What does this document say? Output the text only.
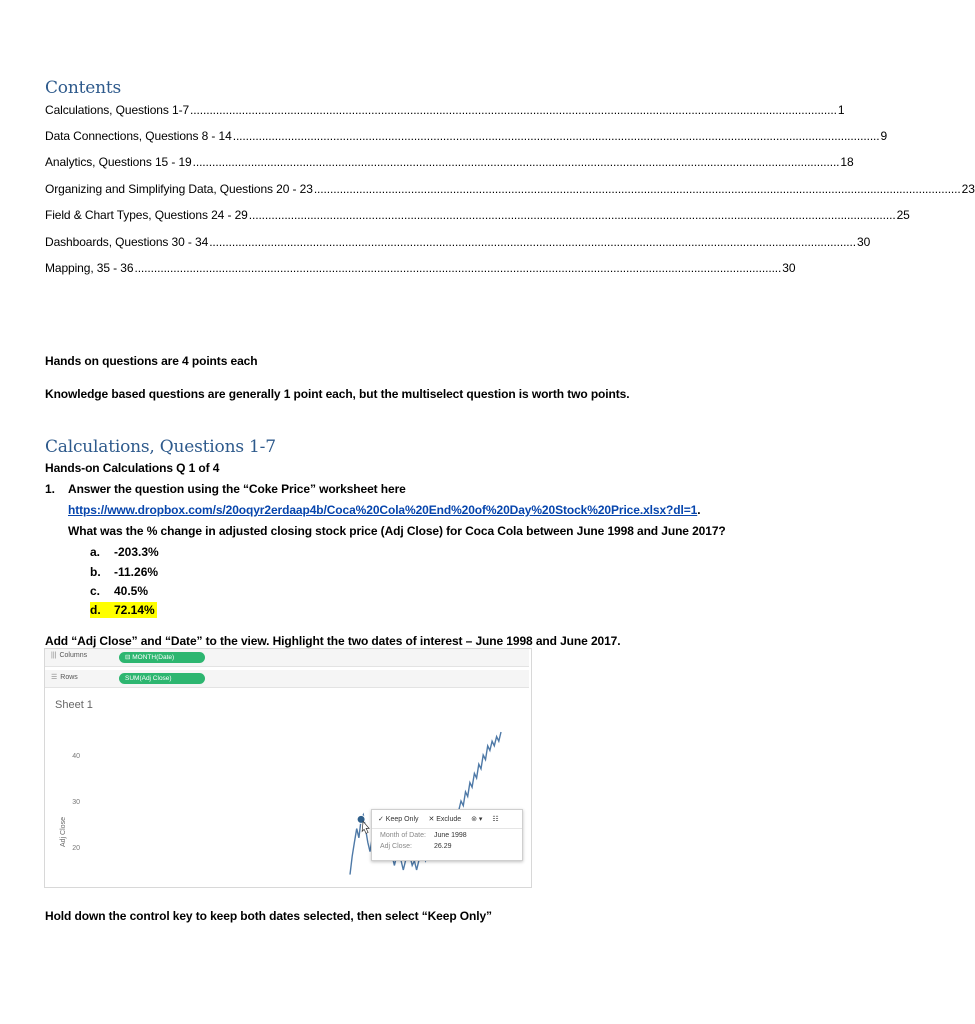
Contents
Calculations, Questions 1-7 ........................................................................................................................................................................................................ 1
Data Connections, Questions 8 - 14 ........................................................................................................................................................................................................ 9
Analytics, Questions 15 - 19 ........................................................................................................................................................................................................ 18
Organizing and Simplifying Data, Questions 20 - 23 ........................................................................................................................................................................................................ 23
Field & Chart Types, Questions 24 - 29 ........................................................................................................................................................................................................ 25
Dashboards, Questions 30 - 34 ........................................................................................................................................................................................................ 30
Mapping, 35 - 36 ........................................................................................................................................................................................................ 30

Hands on questions are 4 points each

Knowledge based questions are generally 1 point each, but the multiselect question is worth two points.

Calculations, Questions 1-7
Hands-on Calculations Q 1 of 4
1. Answer the question using the “Coke Price” worksheet here
https://www.dropbox.com/s/20oqyr2erdaap4b/Coca%20Cola%20End%20of%20Day%20Stock%20Price.xlsx?dl=1.
What was the % change in adjusted closing stock price (Adj Close) for Coca Cola between June 1998 and June 2017?
a. -203.3%
b. -11.26%
c. 40.5%
d. 72.14%
Add “Adj Close” and “Date” to the view. Highlight the two dates of interest – June 1998 and June 2017.
||| Columns	⊟ MONTH(Date)
☰ Rows	SUM(Adj Close)
Sheet 1
20
30
40
Adj Close	✓ Keep Only ✕ Exclude ⊚ ▾ ☷
Month of Date: June 1998
Adj Close:	26.29
Hold down the control key to keep both dates selected, then select “Keep Only”
